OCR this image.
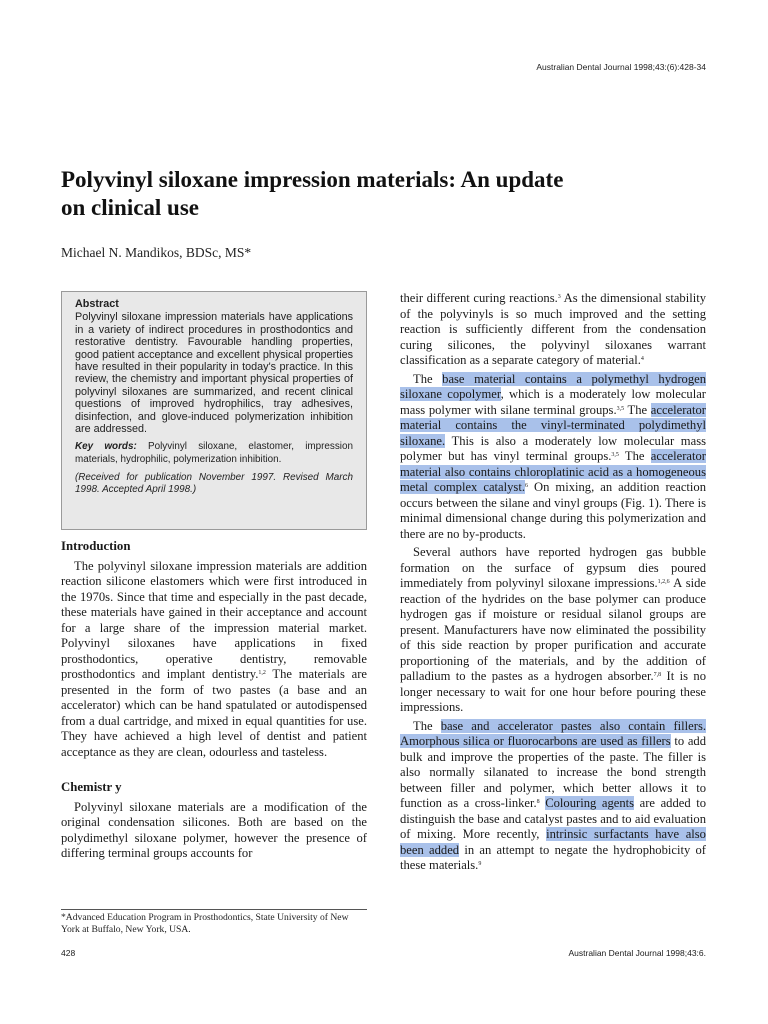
Australian Dental Journal 1998;43:(6):428-34
Polyvinyl siloxane impression materials: An update
on clinical use
Michael N. Mandikos, BDSc, MS*
Abstract
Polyvinyl siloxane impression materials have applications in a variety of indirect procedures in prosthodontics and restorative dentistry. Favourable handling properties, good patient acceptance and excellent physical properties have resulted in their popularity in today's practice. In this review, the chemistry and important physical properties of polyvinyl siloxanes are summarized, and recent clinical questions of improved hydrophilics, tray adhesives, disinfection, and glove-induced polymerization inhibition are addressed.
Key words: Polyvinyl siloxane, elastomer, impression materials, hydrophilic, polymerization inhibition.
(Received for publication November 1997. Revised March 1998. Accepted April 1998.)
Introduction

The polyvinyl siloxane impression materials are addition reaction silicone elastomers which were first introduced in the 1970s. Since that time and especially in the past decade, these materials have gained in their acceptance and account for a large share of the impression material market. Polyvinyl siloxanes have applications in fixed prosthodontics, operative dentistry, removable prosthodontics and implant dentistry.$^{1,2}$ The materials are presented in the form of two pastes (a base and an accelerator) which can be hand spatulated or autodispensed from a dual cartridge, and mixed in equal quantities for use. They have achieved a high level of dentist and patient acceptance as they are clean, odourless and tasteless.

Chemistr y

Polyvinyl siloxane materials are a modification of the original condensation silicones. Both are based on the polydimethyl siloxane polymer, however the presence of differing terminal groups accounts for

their different curing reactions.$^3$ As the dimensional stability of the polyvinyls is so much improved and the setting reaction is sufficiently different from the condensation curing silicones, the polyvinyl siloxanes warrant classification as a separate category of material.$^4$

The base material contains a polymethyl hydrogen siloxane copolymer, which is a moderately low molecular mass polymer with silane terminal groups.$^{3,5}$ The accelerator material contains the vinyl-terminated polydimethyl siloxane. This is also a moderately low molecular mass polymer but has vinyl terminal groups.$^{3,5}$ The accelerator material also contains chloroplatinic acid as a homogeneous metal complex catalyst.$^6$ On mixing, an addition reaction occurs between the silane and vinyl groups (Fig. 1). There is minimal dimensional change during this polymerization and there are no by-products.

Several authors have reported hydrogen gas bubble formation on the surface of gypsum dies poured immediately from polyvinyl siloxane impressions.$^{1,2,6}$ A side reaction of the hydrides on the base polymer can produce hydrogen gas if moisture or residual silanol groups are present. Manufacturers have now eliminated the possibility of this side reaction by proper purification and accurate proportioning of the materials, and by the addition of palladium to the pastes as a hydrogen absorber.$^{7,8}$ It is no longer necessary to wait for one hour before pouring these impressions.

The base and accelerator pastes also contain fillers. Amorphous silica or fluorocarbons are used as fillers to add bulk and improve the properties of the paste. The filler is also normally silanated to increase the bond strength between filler and polymer, which better allows it to function as a cross-linker.$^8$ Colouring agents are added to distinguish the base and catalyst pastes and to aid evaluation of mixing. More recently, intrinsic surfactants have also been added in an attempt to negate the hydrophobicity of these materials.$^9$

*Advanced Education Program in Prosthodontics, State University of New York at Buffalo, New York, USA.
428	Australian Dental Journal 1998;43:6.
